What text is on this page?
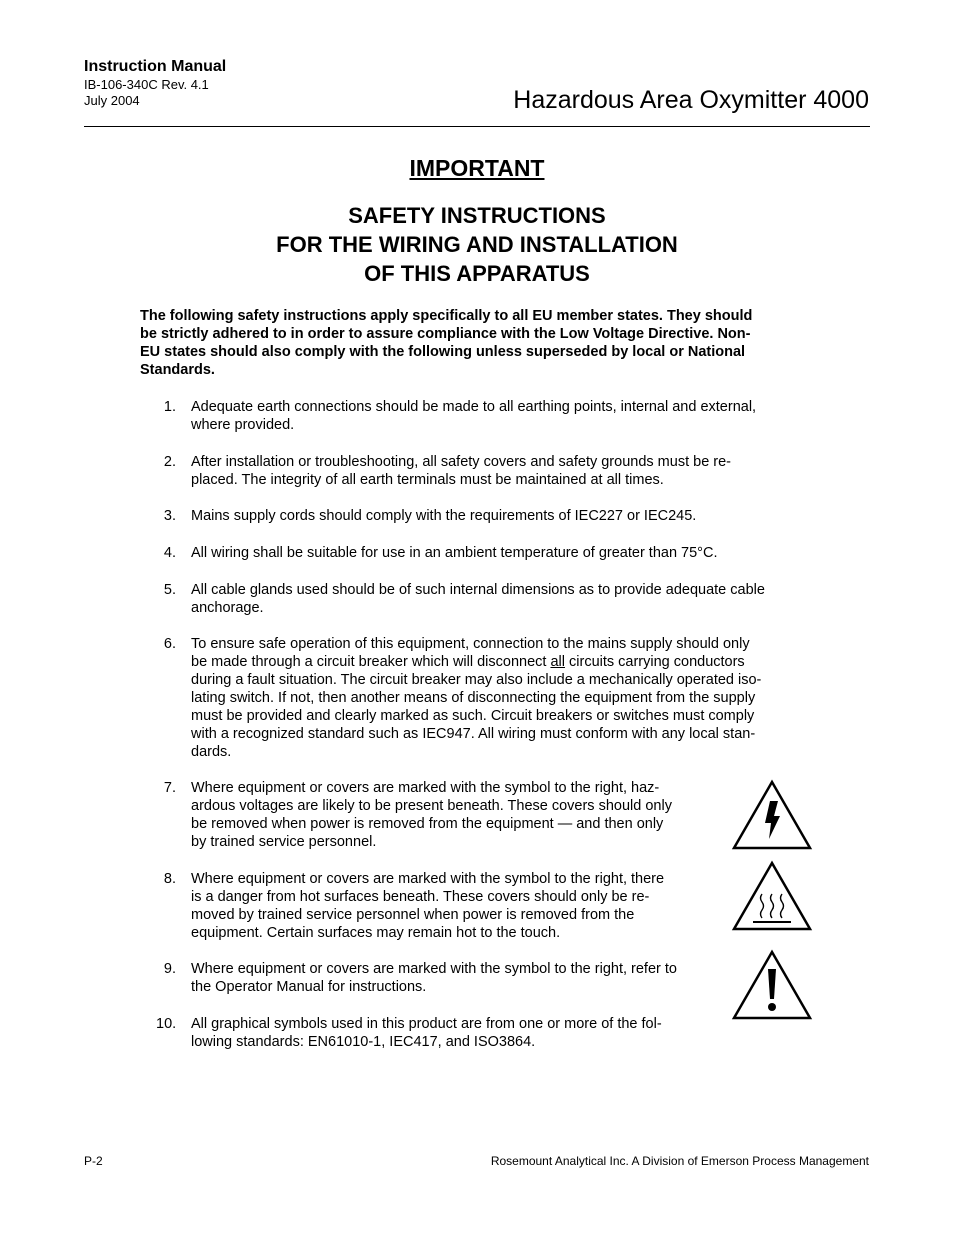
Instruction Manual
IB-106-340C Rev. 4.1
July 2004	Hazardous Area Oxymitter 4000
IMPORTANT
SAFETY INSTRUCTIONS
FOR THE WIRING AND INSTALLATION
OF THIS APPARATUS
The following safety instructions apply specifically to all EU member states. They should
be strictly adhered to in order to assure compliance with the Low Voltage Directive. Non-
EU states should also comply with the following unless superseded by local or National
Standards.
1. Adequate earth connections should be made to all earthing points, internal and external,
where provided.
2. After installation or troubleshooting, all safety covers and safety grounds must be re-
placed. The integrity of all earth terminals must be maintained at all times.
3. Mains supply cords should comply with the requirements of IEC227 or IEC245.
4. All wiring shall be suitable for use in an ambient temperature of greater than 75°C.
5. All cable glands used should be of such internal dimensions as to provide adequate cable
anchorage.
6. To ensure safe operation of this equipment, connection to the mains supply should only
be made through a circuit breaker which will disconnect all circuits carrying conductors
during a fault situation. The circuit breaker may also include a mechanically operated iso-
lating switch. If not, then another means of disconnecting the equipment from the supply
must be provided and clearly marked as such. Circuit breakers or switches must comply
with a recognized standard such as IEC947. All wiring must conform with any local stan-
dards.
7. Where equipment or covers are marked with the symbol to the right, haz-
ardous voltages are likely to be present beneath. These covers should only
be removed when power is removed from the equipment — and then only
by trained service personnel.
8. Where equipment or covers are marked with the symbol to the right, there
is a danger from hot surfaces beneath. These covers should only be re-
moved by trained service personnel when power is removed from the
equipment. Certain surfaces may remain hot to the touch.
9. Where equipment or covers are marked with the symbol to the right, refer to
the Operator Manual for instructions.
10. All graphical symbols used in this product are from one or more of the fol-
lowing standards: EN61010-1, IEC417, and ISO3864.
P-2	Rosemount Analytical Inc. A Division of Emerson Process Management
